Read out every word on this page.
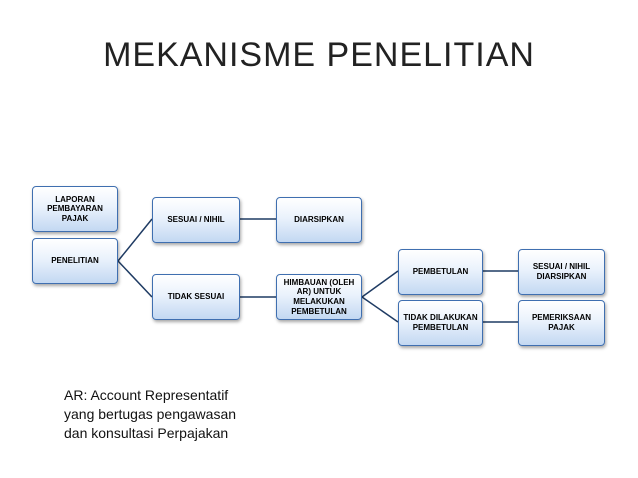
MEKANISME PENELITIAN
LAPORAN PEMBAYARAN PAJAK
PENELITIAN
SESUAI / NIHIL	DIARSIPKAN
TIDAK SESUAI
HIMBAUAN (OLEH AR) UNTUK MELAKUKAN PEMBETULAN
PEMBETULAN
TIDAK DILAKUKAN PEMBETULAN
SESUAI / NIHIL DIARSIPKAN
PEMERIKSAAN PAJAK
AR: Account Representatif
yang bertugas pengawasan
dan konsultasi Perpajakan
